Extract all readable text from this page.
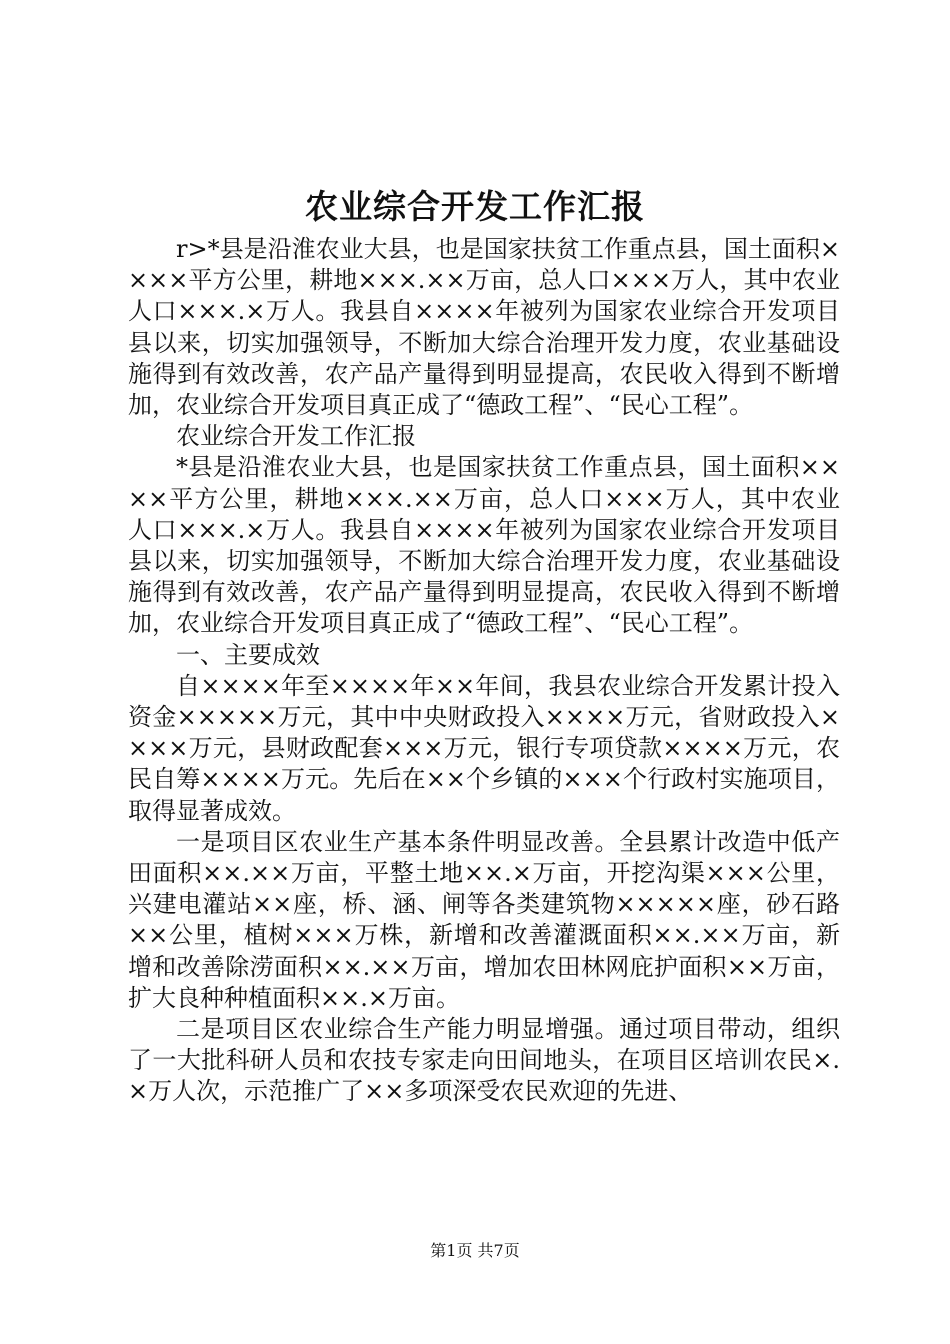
农业综合开发工作汇报

r>*县是沿淮农业大县，也是国家扶贫工作重点县，国土面积××××平方公里，耕地×××.××万亩，总人口×××万人，其中农业人口×××.×万人。我县自××××年被列为国家农业综合开发项目县以来，切实加强领导，不断加大综合治理开发力度，农业基础设施得到有效改善，农产品产量得到明显提高，农民收入得到不断增加，农业综合开发项目真正成了“德政工程”、“民心工程”。

农业综合开发工作汇报

*县是沿淮农业大县，也是国家扶贫工作重点县，国土面积××××平方公里，耕地×××.××万亩，总人口×××万人，其中农业人口×××.×万人。我县自××××年被列为国家农业综合开发项目县以来，切实加强领导，不断加大综合治理开发力度，农业基础设施得到有效改善，农产品产量得到明显提高，农民收入得到不断增加，农业综合开发项目真正成了“德政工程”、“民心工程”。

一、主要成效

自××××年至××××年××年间，我县农业综合开发累计投入资金×××××万元，其中中央财政投入××××万元，省财政投入××××万元，县财政配套×××万元，银行专项贷款××××万元，农民自筹××××万元。先后在××个乡镇的×××个行政村实施项目，取得显著成效。

一是项目区农业生产基本条件明显改善。全县累计改造中低产田面积××.××万亩，平整土地××.×万亩，开挖沟渠×××公里，兴建电灌站××座，桥、涵、闸等各类建筑物×××××座，砂石路××公里，植树×××万株，新增和改善灌溉面积××.××万亩，新增和改善除涝面积××.××万亩，增加农田林网庇护面积××万亩，扩大良种种植面积××.×万亩。

二是项目区农业综合生产能力明显增强。通过项目带动，组织了一大批科研人员和农技专家走向田间地头，在项目区培训农民×.×万人次，示范推广了××多项深受农民欢迎的先进、

第1页 共7页
